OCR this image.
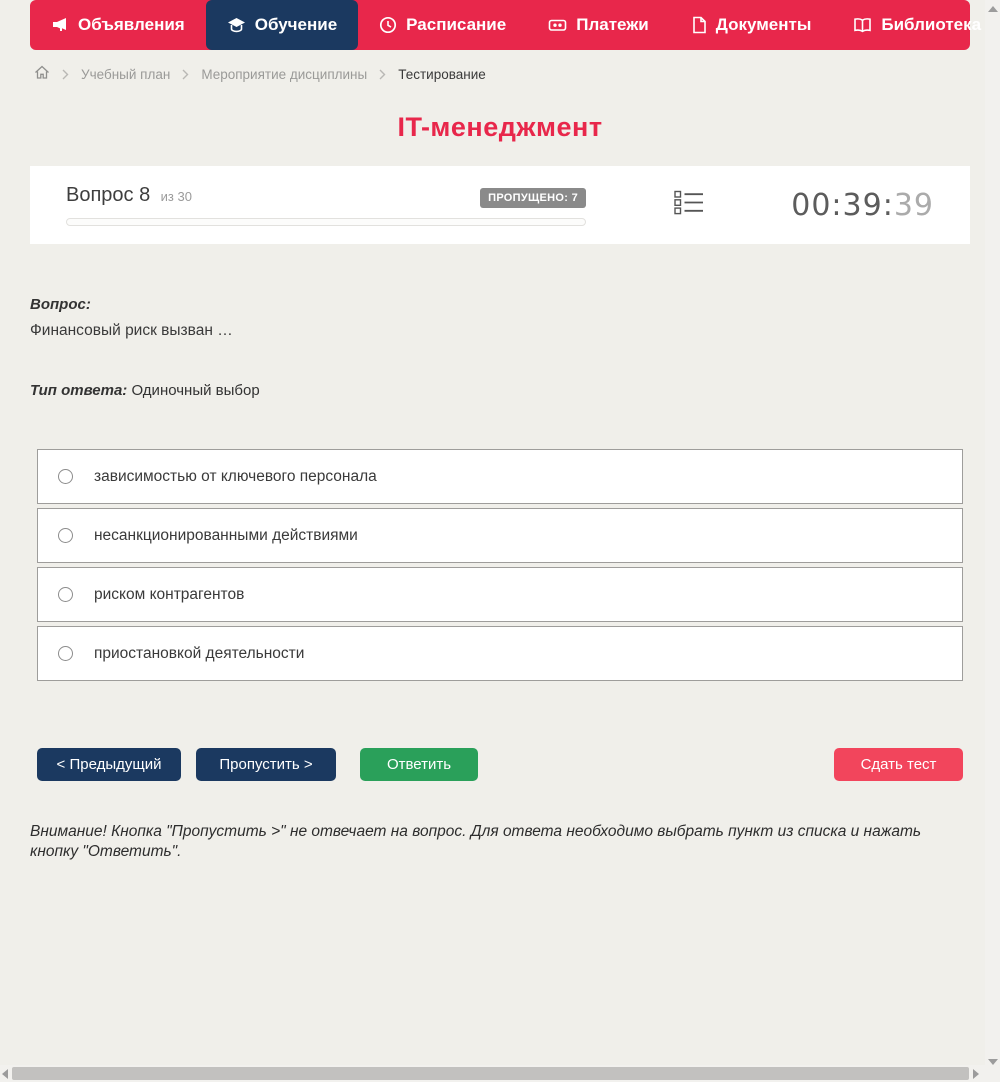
Объявления	Обучение	Расписание	Платежи	Документы	Библиотека
Учебный план Мероприятие дисциплины Тестирование
IT-менеджмент
Вопрос 8 из 30	ПРОПУЩЕНО: 7	00:39:39
Вопрос:
Финансовый риск вызван …
Тип ответа: Одиночный выбор
зависимостью от ключевого персонала
несанкционированными действиями
риском контрагентов
приостановкой деятельности
< Предыдущий	Пропустить >	Ответить	Сдать тест
Внимание! Кнопка "Пропустить >" не отвечает на вопрос. Для ответа необходимо выбрать пункт из списка и нажать кнопку "Ответить".
